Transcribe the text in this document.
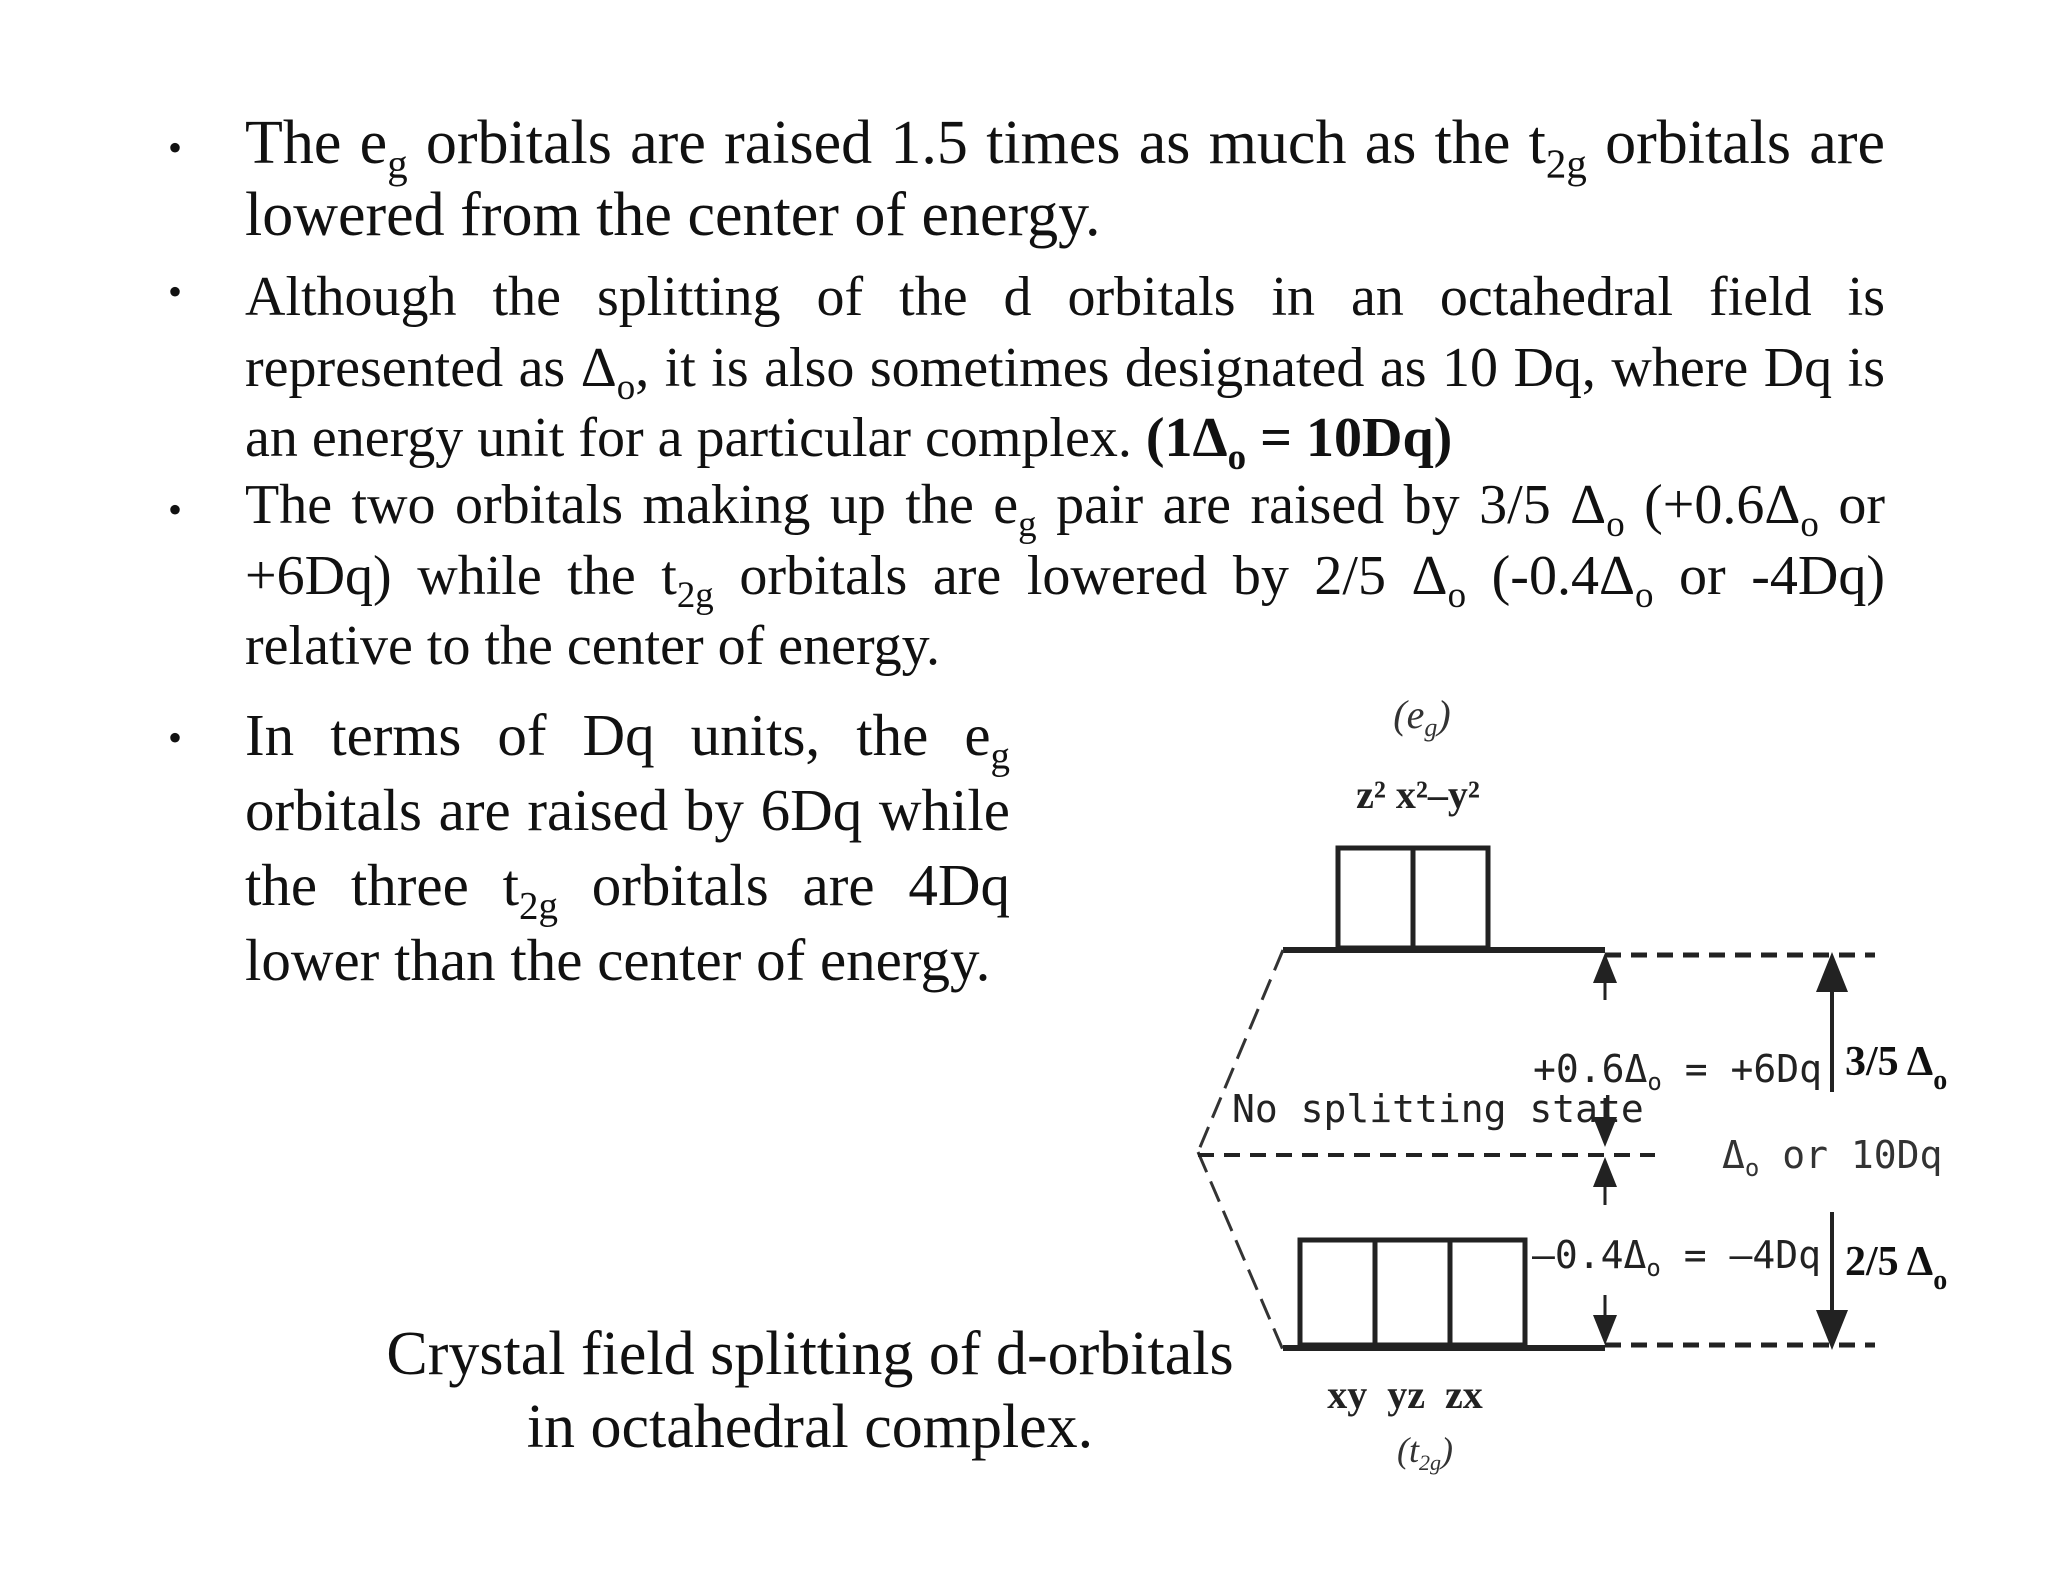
• The $e_g$ orbitals are raised 1.5 times as much as the $t_{2g}$ orbitals are lowered from the center of energy.
• Although the splitting of the d orbitals in an octahedral field is represented as $\Delta_o$, it is also sometimes designated as 10 Dq, where Dq is an energy unit for a particular complex. $(1\Delta_o = 10Dq)$
• The two orbitals making up the $e_g$ pair are raised by 3/5 $\Delta_o$ ($+0.6\Delta_o$ or +6Dq) while the $t_{2g}$ orbitals are lowered by 2/5 $\Delta_o$ ($-0.4\Delta_o$ or -4Dq) relative to the center of energy.
• In terms of Dq units, the $e_g$ orbitals are raised by 6Dq while the three $t_{2g}$ orbitals are 4Dq lower than the center of energy.
Crystal field splitting of d-orbitals
in octahedral complex.
$(e_g)$
z² x²–y²
No splitting state
$+0.6\Delta_o = +6Dq$
$\Delta_o$ or 10Dq
3/5 $\Delta_o$
2/5 $\Delta_o$
$-0.4\Delta_o = -4Dq$
xy  yz  zx
$(t_{2g})$
